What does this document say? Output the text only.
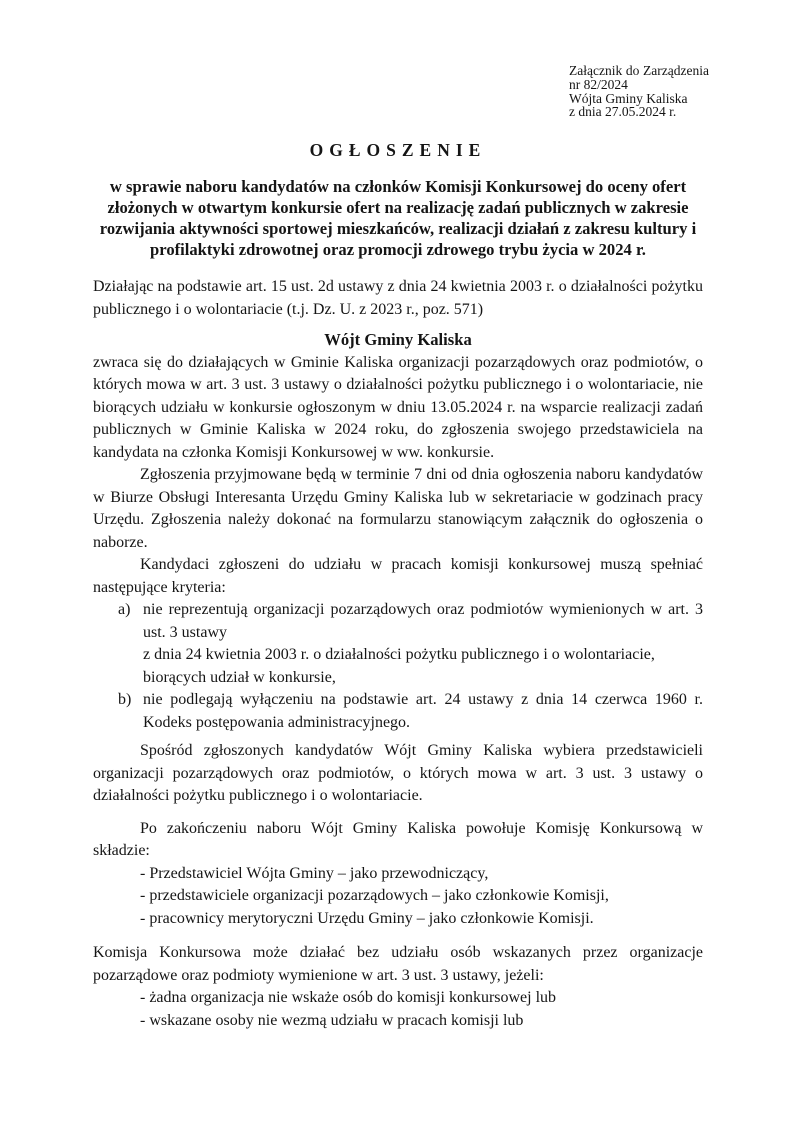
Załącznik do Zarządzenia
nr 82/2024
Wójta Gminy Kaliska
z dnia 27.05.2024 r.
OGŁOSZENIE
w sprawie naboru kandydatów na członków Komisji Konkursowej do oceny ofert złożonych w otwartym konkursie ofert na realizację zadań publicznych w zakresie rozwijania aktywności sportowej mieszkańców, realizacji działań z zakresu kultury i profilaktyki zdrowotnej oraz promocji zdrowego trybu życia w 2024 r.

Działając na podstawie art. 15 ust. 2d ustawy z dnia 24 kwietnia 2003 r. o działalności pożytku publicznego i o wolontariacie (t.j. Dz. U. z 2023 r., poz. 571)

Wójt Gminy Kaliska

zwraca się do działających w Gminie Kaliska organizacji pozarządowych oraz podmiotów, o których mowa w art. 3 ust. 3 ustawy o działalności pożytku publicznego i o wolontariacie, nie biorących udziału w konkursie ogłoszonym w dniu 13.05.2024 r. na wsparcie realizacji zadań publicznych w Gminie Kaliska w 2024 roku, do zgłoszenia swojego przedstawiciela na kandydata na członka Komisji Konkursowej w ww. konkursie.

Zgłoszenia przyjmowane będą w terminie 7 dni od dnia ogłoszenia naboru kandydatów w Biurze Obsługi Interesanta Urzędu Gminy Kaliska lub w sekretariacie w godzinach pracy Urzędu. Zgłoszenia należy dokonać na formularzu stanowiącym załącznik do ogłoszenia o naborze.

Kandydaci zgłoszeni do udziału w pracach komisji konkursowej muszą spełniać następujące kryteria:

a) nie reprezentują organizacji pozarządowych oraz podmiotów wymienionych w art. 3
ust. 3 ustawy
z dnia 24 kwietnia 2003 r. o działalności pożytku publicznego i o wolontariacie,
biorących udział w konkursie,
b) nie podlegają wyłączeniu na podstawie art. 24 ustawy z dnia 14 czerwca 1960 r. Kodeks postępowania administracyjnego.

Spośród zgłoszonych kandydatów Wójt Gminy Kaliska wybiera przedstawicieli organizacji pozarządowych oraz podmiotów, o których mowa w art. 3 ust. 3 ustawy o działalności pożytku publicznego i o wolontariacie.

Po zakończeniu naboru Wójt Gminy Kaliska powołuje Komisję Konkursową w składzie:

- Przedstawiciel Wójta Gminy – jako przewodniczący,

- przedstawiciele organizacji pozarządowych – jako członkowie Komisji,

- pracownicy merytoryczni Urzędu Gminy – jako członkowie Komisji.

Komisja Konkursowa może działać bez udziału osób wskazanych przez organizacje pozarządowe oraz podmioty wymienione w art. 3 ust. 3 ustawy, jeżeli:

- żadna organizacja nie wskaże osób do komisji konkursowej lub

- wskazane osoby nie wezmą udziału w pracach komisji lub
